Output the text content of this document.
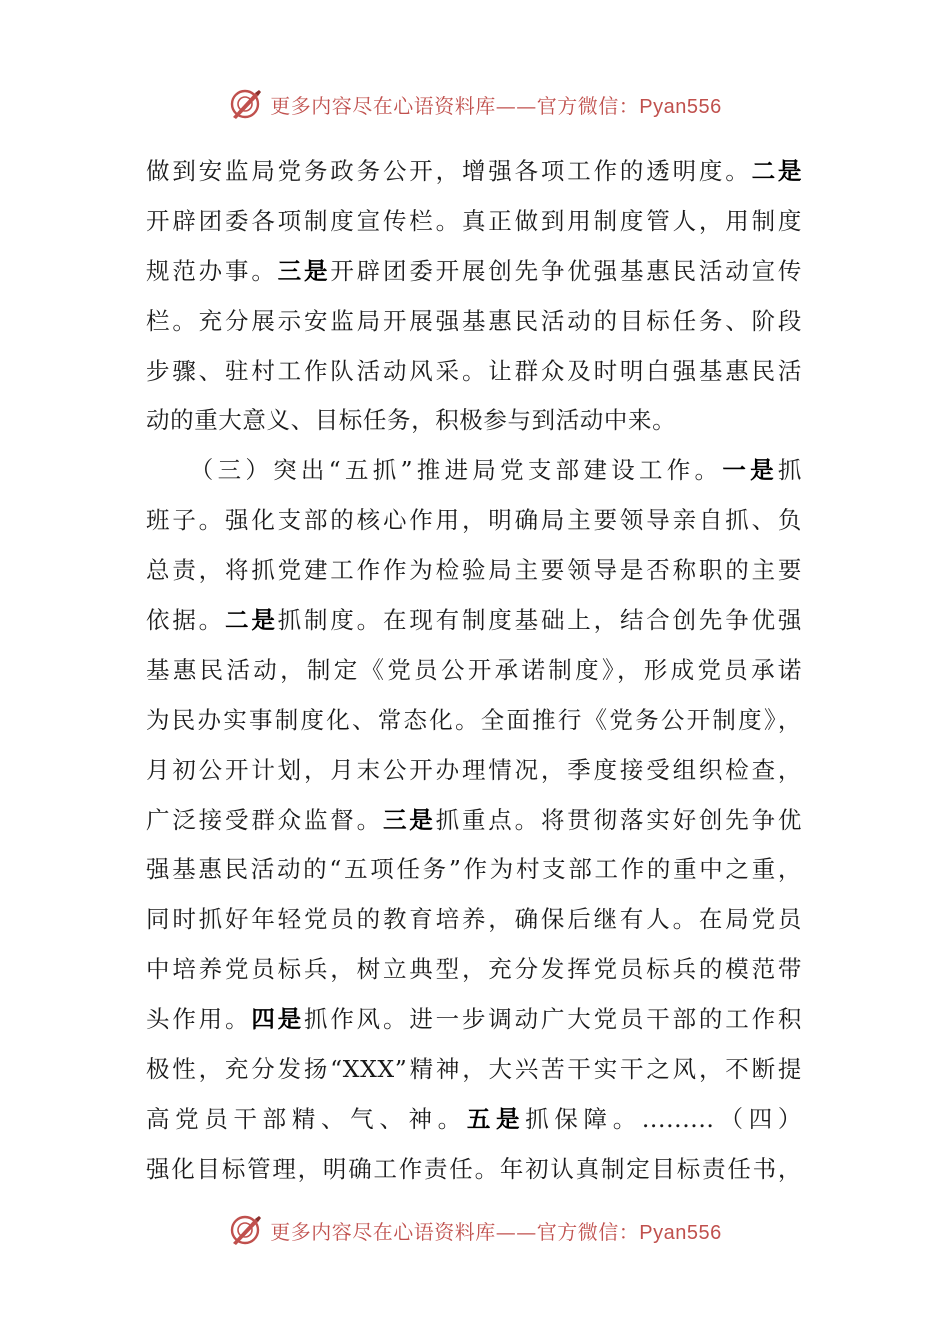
更多内容尽在心语资料库——官方微信：Pyan556
做到安监局党务政务公开，增强各项工作的透明度。二是
开辟团委各项制度宣传栏。真正做到用制度管人，用制度
规范办事。三是开辟团委开展创先争优强基惠民活动宣传
栏。充分展示安监局开展强基惠民活动的目标任务、阶段
步骤、驻村工作队活动风采。让群众及时明白强基惠民活
动的重大意义、目标任务，积极参与到活动中来。
　　（三）突出“五抓”推进局党支部建设工作。一是抓
班子。强化支部的核心作用，明确局主要领导亲自抓、负
总责，将抓党建工作作为检验局主要领导是否称职的主要
依据。二是抓制度。在现有制度基础上，结合创先争优强
基惠民活动，制定《党员公开承诺制度》，形成党员承诺
为民办实事制度化、常态化。全面推行《党务公开制度》，
月初公开计划，月末公开办理情况，季度接受组织检查，
广泛接受群众监督。三是抓重点。将贯彻落实好创先争优
强基惠民活动的“五项任务”作为村支部工作的重中之重，
同时抓好年轻党员的教育培养，确保后继有人。在局党员
中培养党员标兵，树立典型，充分发挥党员标兵的模范带
头作用。四是抓作风。进一步调动广大党员干部的工作积
极性，充分发扬“XXX”精神，大兴苦干实干之风，不断提
高党员干部精、气、神。五是抓保障。.........（四）
强化目标管理，明确工作责任。年初认真制定目标责任书，
更多内容尽在心语资料库——官方微信：Pyan556
